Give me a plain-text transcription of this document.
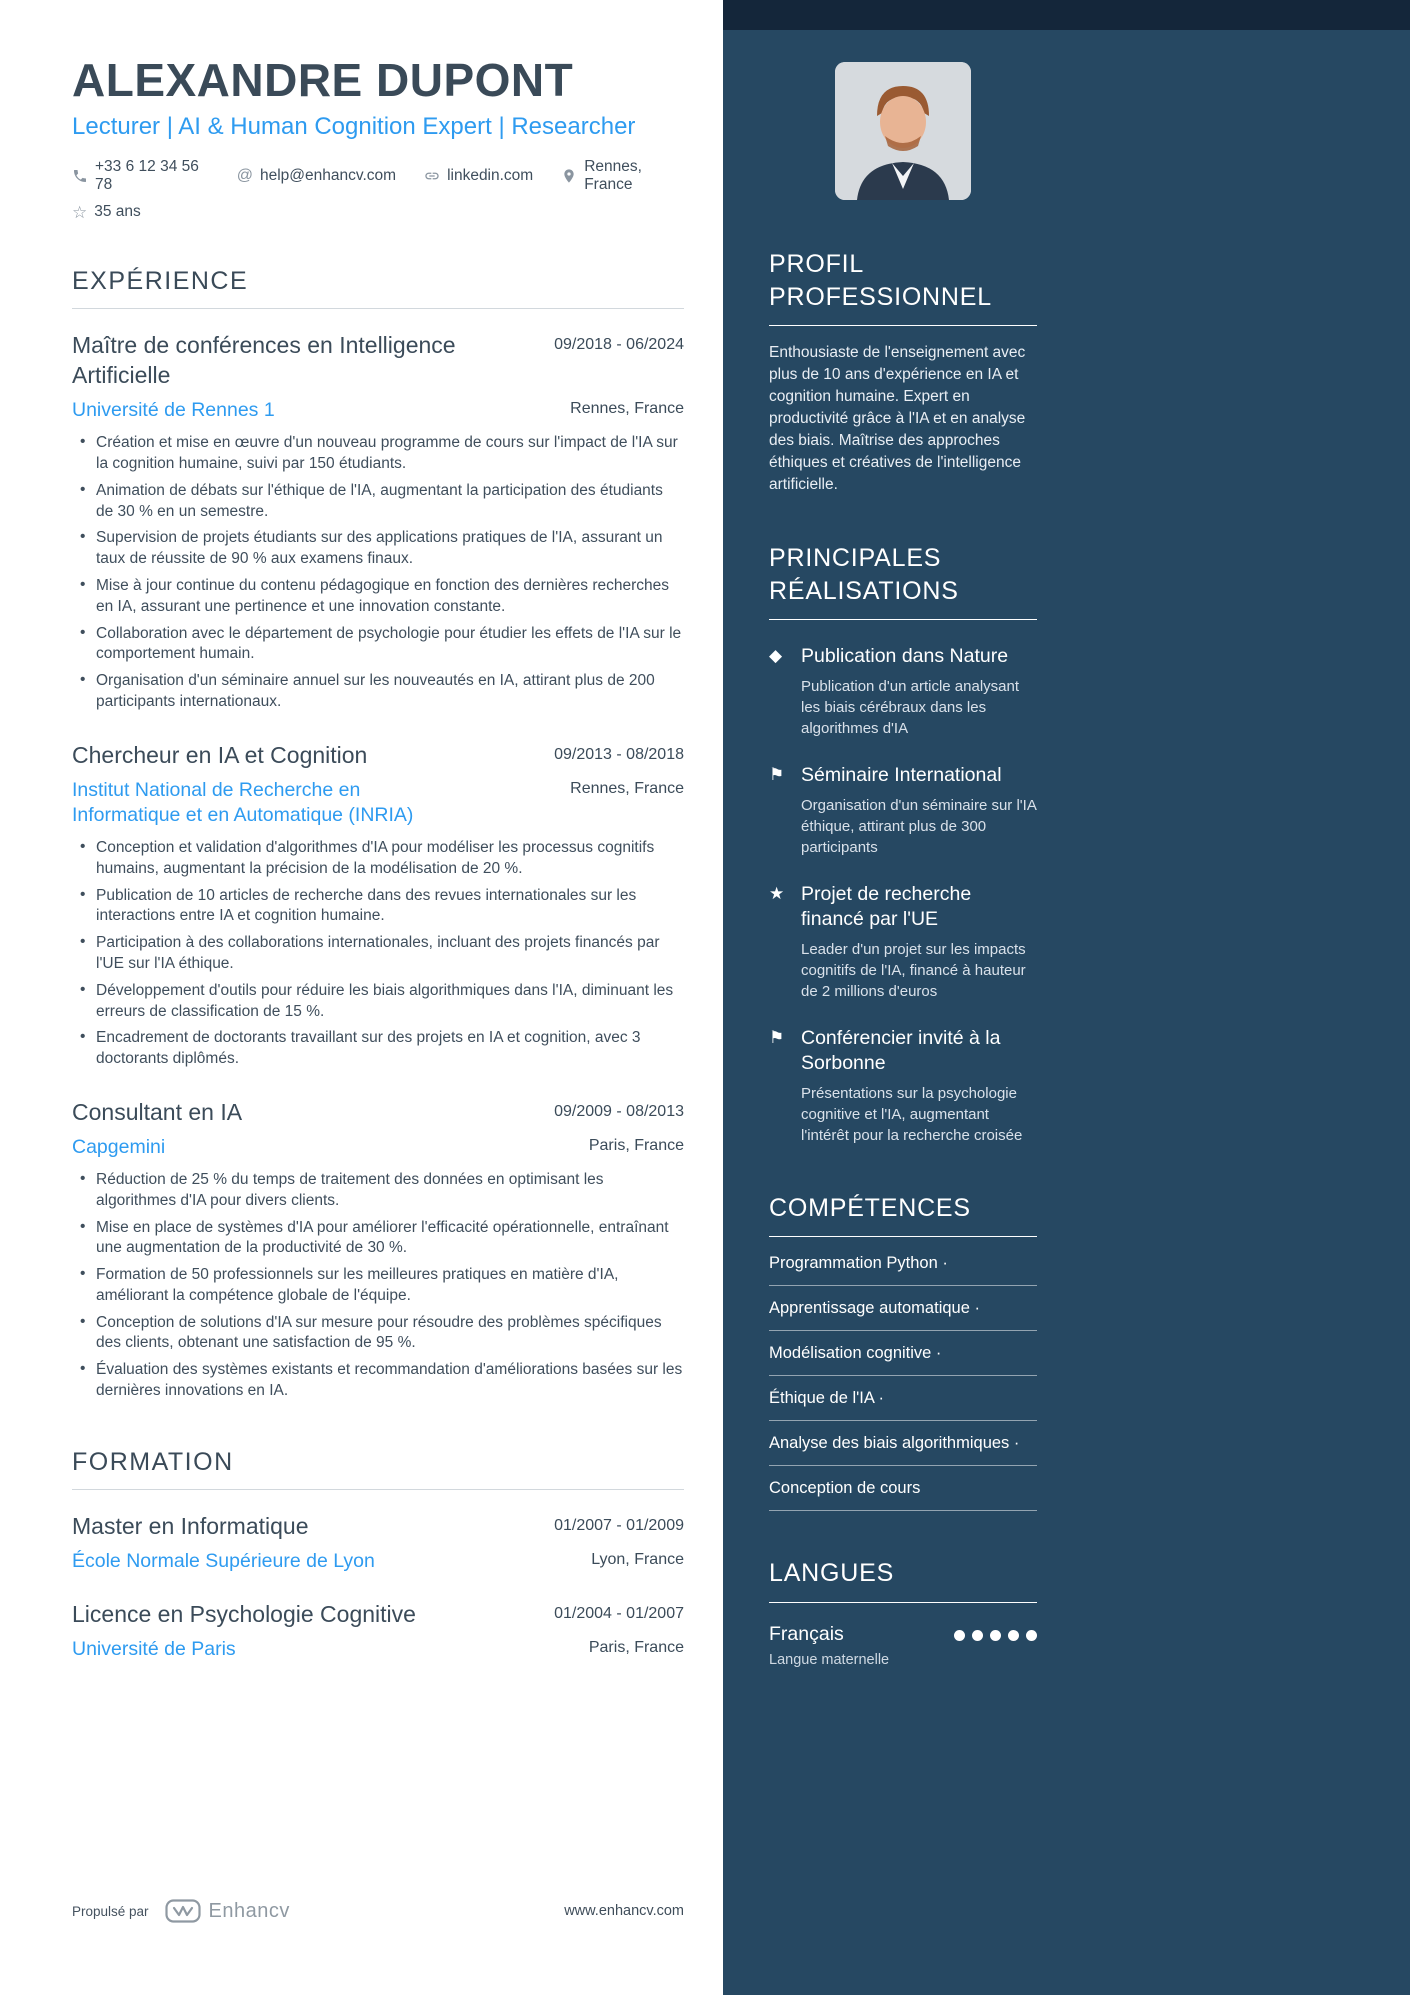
ALEXANDRE DUPONT
Lecturer | AI & Human Cognition Expert | Researcher
+33 6 12 34 56 78
@ help@enhancv.com	linkedin.com
Rennes, France
☆ 35 ans
EXPÉRIENCE
Maître de conférences en Intelligence Artificielle
09/2018 - 06/2024
Université de Rennes 1	Rennes, France
• Création et mise en œuvre d'un nouveau programme de cours sur l'impact de l'IA sur la cognition humaine, suivi par 150 étudiants.
• Animation de débats sur l'éthique de l'IA, augmentant la participation des étudiants de 30 % en un semestre.
• Supervision de projets étudiants sur des applications pratiques de l'IA, assurant un taux de réussite de 90 % aux examens finaux.
• Mise à jour continue du contenu pédagogique en fonction des dernières recherches en IA, assurant une pertinence et une innovation constante.
• Collaboration avec le département de psychologie pour étudier les effets de l'IA sur le comportement humain.
• Organisation d'un séminaire annuel sur les nouveautés en IA, attirant plus de 200 participants internationaux.
Chercheur en IA et Cognition	09/2013 - 08/2018
Institut National de Recherche en Informatique et en Automatique (INRIA)
Rennes, France
• Conception et validation d'algorithmes d'IA pour modéliser les processus cognitifs humains, augmentant la précision de la modélisation de 20 %.
• Publication de 10 articles de recherche dans des revues internationales sur les interactions entre IA et cognition humaine.
• Participation à des collaborations internationales, incluant des projets financés par l'UE sur l'IA éthique.
• Développement d'outils pour réduire les biais algorithmiques dans l'IA, diminuant les erreurs de classification de 15 %.
• Encadrement de doctorants travaillant sur des projets en IA et cognition, avec 3 doctorants diplômés.
Consultant en IA	09/2009 - 08/2013
Capgemini	Paris, France
• Réduction de 25 % du temps de traitement des données en optimisant les algorithmes d'IA pour divers clients.
• Mise en place de systèmes d'IA pour améliorer l'efficacité opérationnelle, entraînant une augmentation de la productivité de 30 %.
• Formation de 50 professionnels sur les meilleures pratiques en matière d'IA, améliorant la compétence globale de l'équipe.
• Conception de solutions d'IA sur mesure pour résoudre des problèmes spécifiques des clients, obtenant une satisfaction de 95 %.
• Évaluation des systèmes existants et recommandation d'améliorations basées sur les dernières innovations en IA.
FORMATION
Master en Informatique	01/2007 - 01/2009
École Normale Supérieure de Lyon	Lyon, France
Licence en Psychologie Cognitive	01/2004 - 01/2007
Université de Paris	Paris, France
PROFIL PROFESSIONNEL

Enthousiaste de l'enseignement avec plus de 10 ans d'expérience en IA et cognition humaine. Expert en productivité grâce à l'IA et en analyse des biais. Maîtrise des approches éthiques et créatives de l'intelligence artificielle.

PRINCIPALES RÉALISATIONS
◆ Publication dans Nature
Publication d'un article analysant les biais cérébraux dans les algorithmes d'IA
⚑ Séminaire International
Organisation d'un séminaire sur l'IA éthique, attirant plus de 300 participants
★ Projet de recherche financé par l'UE
Leader d'un projet sur les impacts cognitifs de l'IA, financé à hauteur de 2 millions d'euros
⚑ Conférencier invité à la Sorbonne
Présentations sur la psychologie cognitive et l'IA, augmentant l'intérêt pour la recherche croisée
COMPÉTENCES
Programmation Python ·
Apprentissage automatique ·
Modélisation cognitive ·
Éthique de l'IA ·
Analyse des biais algorithmiques ·
Conception de cours
LANGUES
Français
Langue maternelle
Propulsé par	Enhancv	www.enhancv.com
